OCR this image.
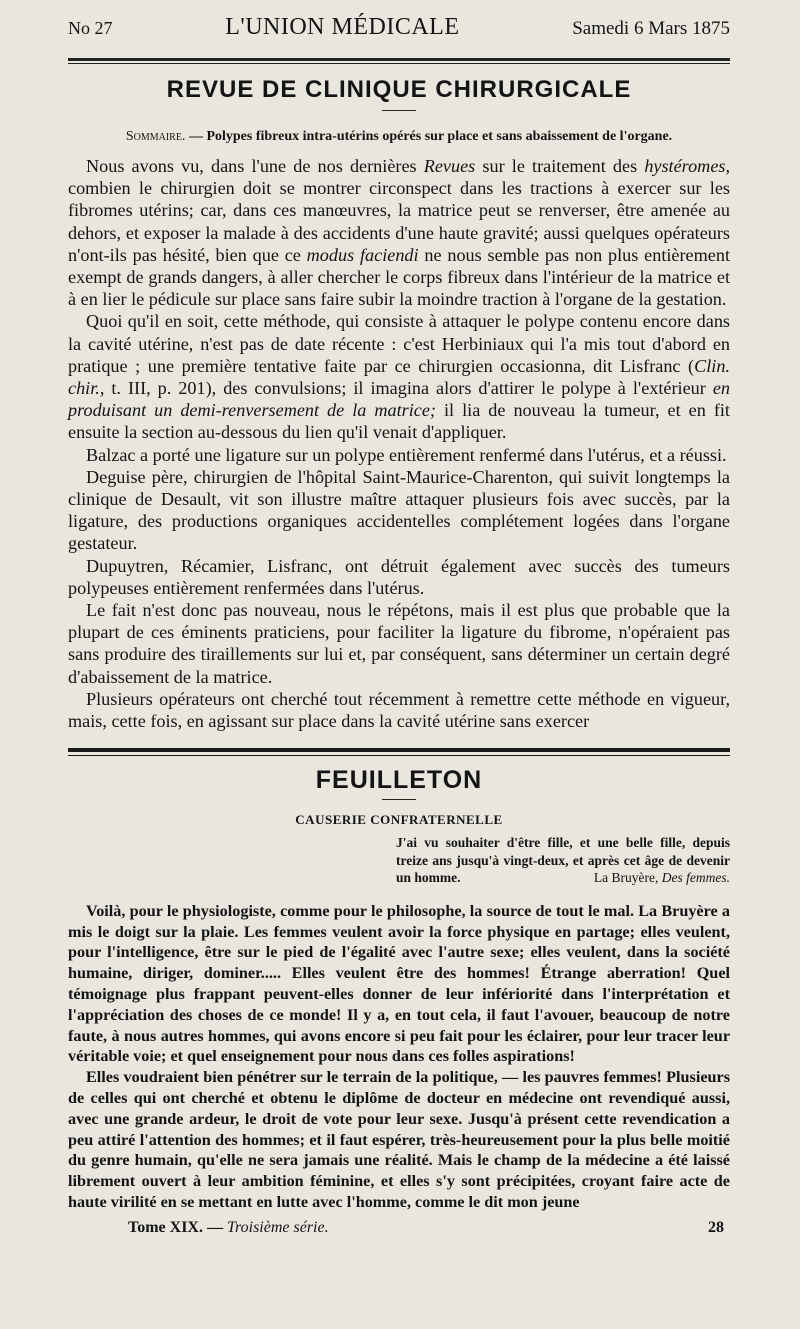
No 27	L'UNION MÉDICALE	Samedi 6 Mars 1875
REVUE DE CLINIQUE CHIRURGICALE
Sommaire. — Polypes fibreux intra-utérins opérés sur place et sans abaissement de l'organe.

Nous avons vu, dans l'une de nos dernières Revues sur le traitement des hystéromes, combien le chirurgien doit se montrer circonspect dans les tractions à exercer sur les fibromes utérins; car, dans ces manœuvres, la matrice peut se renverser, être amenée au dehors, et exposer la malade à des accidents d'une haute gravité; aussi quelques opérateurs n'ont-ils pas hésité, bien que ce modus faciendi ne nous semble pas non plus entièrement exempt de grands dangers, à aller chercher le corps fibreux dans l'intérieur de la matrice et à en lier le pédicule sur place sans faire subir la moindre traction à l'organe de la gestation.

Quoi qu'il en soit, cette méthode, qui consiste à attaquer le polype contenu encore dans la cavité utérine, n'est pas de date récente : c'est Herbiniaux qui l'a mis tout d'abord en pratique ; une première tentative faite par ce chirurgien occasionna, dit Lisfranc (Clin. chir., t. III, p. 201), des convulsions; il imagina alors d'attirer le polype à l'extérieur en produisant un demi-renversement de la matrice; il lia de nouveau la tumeur, et en fit ensuite la section au-dessous du lien qu'il venait d'appliquer.

Balzac a porté une ligature sur un polype entièrement renfermé dans l'utérus, et a réussi.

Deguise père, chirurgien de l'hôpital Saint-Maurice-Charenton, qui suivit longtemps la clinique de Desault, vit son illustre maître attaquer plusieurs fois avec succès, par la ligature, des productions organiques accidentelles complétement logées dans l'organe gestateur.

Dupuytren, Récamier, Lisfranc, ont détruit également avec succès des tumeurs polypeuses entièrement renfermées dans l'utérus.

Le fait n'est donc pas nouveau, nous le répétons, mais il est plus que probable que la plupart de ces éminents praticiens, pour faciliter la ligature du fibrome, n'opéraient pas sans produire des tiraillements sur lui et, par conséquent, sans déterminer un certain degré d'abaissement de la matrice.

Plusieurs opérateurs ont cherché tout récemment à remettre cette méthode en vigueur, mais, cette fois, en agissant sur place dans la cavité utérine sans exercer

FEUILLETON
CAUSERIE CONFRATERNELLE
J'ai vu souhaiter d'être fille, et une belle fille, depuis treize ans jusqu'à vingt-deux, et après cet âge de devenir un homme.	La Bruyère, Des femmes.

Voilà, pour le physiologiste, comme pour le philosophe, la source de tout le mal. La Bruyère a mis le doigt sur la plaie. Les femmes veulent avoir la force physique en partage; elles veulent, pour l'intelligence, être sur le pied de l'égalité avec l'autre sexe; elles veulent, dans la société humaine, diriger, dominer..... Elles veulent être des hommes! Étrange aberration! Quel témoignage plus frappant peuvent-elles donner de leur infériorité dans l'interprétation et l'appréciation des choses de ce monde! Il y a, en tout cela, il faut l'avouer, beaucoup de notre faute, à nous autres hommes, qui avons encore si peu fait pour les éclairer, pour leur tracer leur véritable voie; et quel enseignement pour nous dans ces folles aspirations!

Elles voudraient bien pénétrer sur le terrain de la politique, — les pauvres femmes! Plusieurs de celles qui ont cherché et obtenu le diplôme de docteur en médecine ont revendiqué aussi, avec une grande ardeur, le droit de vote pour leur sexe. Jusqu'à présent cette revendication a peu attiré l'attention des hommes; et il faut espérer, très-heureusement pour la plus belle moitié du genre humain, qu'elle ne sera jamais une réalité. Mais le champ de la médecine a été laissé librement ouvert à leur ambition féminine, et elles s'y sont précipitées, croyant faire acte de haute virilité en se mettant en lutte avec l'homme, comme le dit mon jeune

Tome XIX. — Troisième série.	28
